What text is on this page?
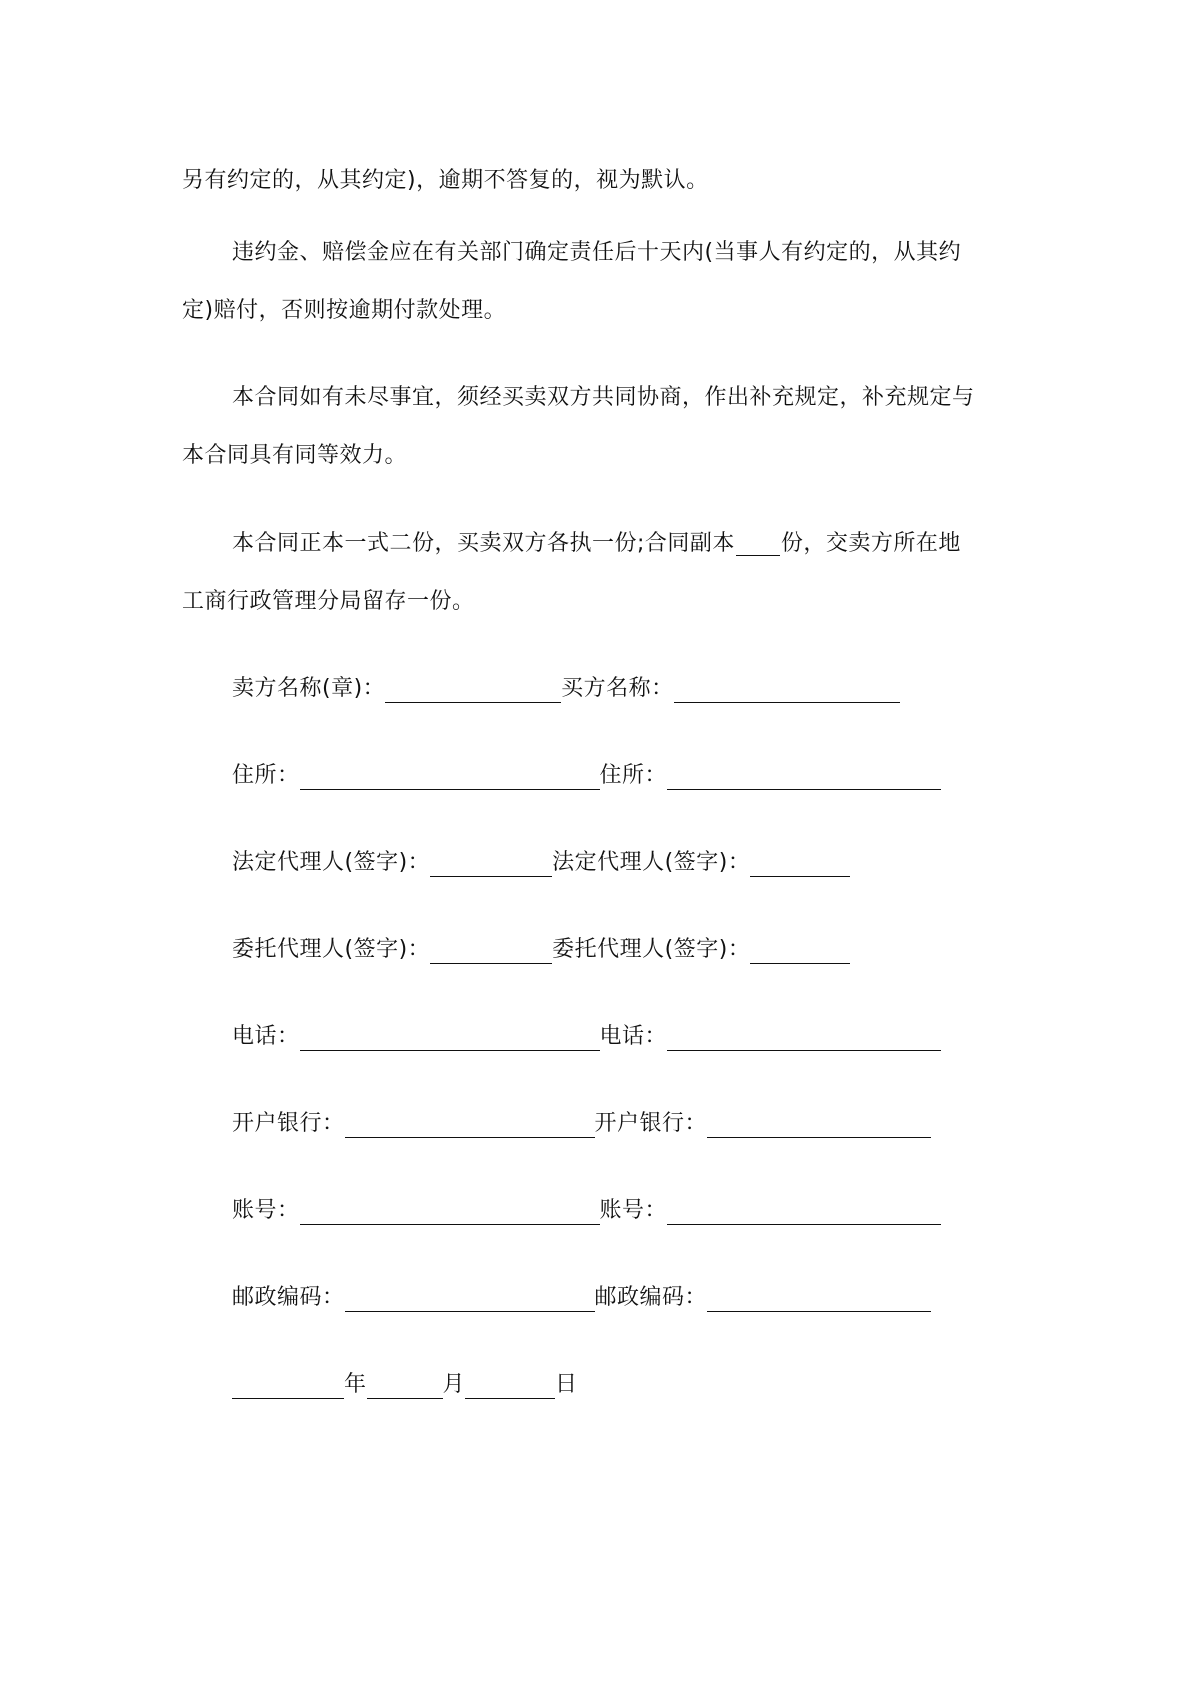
另有约定的，从其约定)，逾期不答复的，视为默认。

违约金、赔偿金应在有关部门确定责任后十天内(当事人有约定的，从其约

定)赔付，否则按逾期付款处理。

本合同如有未尽事宜，须经买卖双方共同协商，作出补充规定，补充规定与

本合同具有同等效力。

本合同正本一式二份，买卖双方各执一份;合同副本 份，交卖方所在地

工商行政管理分局留存一份。

卖方名称(章)：	买方名称：
住所：	住所：
法定代理人(签字)：	法定代理人(签字)：
委托代理人(签字)：	委托代理人(签字)：
电话：	电话：
开户银行：	开户银行：
账号：	账号：
邮政编码：	邮政编码：
年	月	日
